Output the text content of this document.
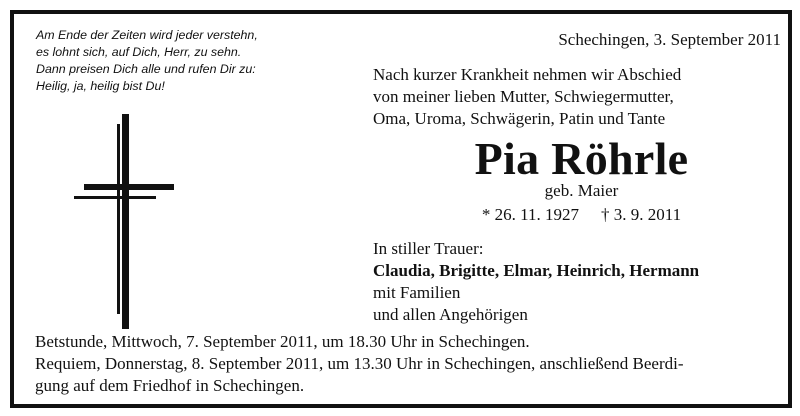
Am Ende der Zeiten wird jeder verstehn,
es lohnt sich, auf Dich, Herr, zu sehn.
Dann preisen Dich alle und rufen Dir zu:
Heilig, ja, heilig bist Du!
Schechingen, 3. September 2011
Nach kurzer Krankheit nehmen wir Abschied
von meiner lieben Mutter, Schwiegermutter,
Oma, Uroma, Schwägerin, Patin und Tante
Pia Röhrle
geb. Maier
* 26. 11. 1927 † 3. 9. 2011
In stiller Trauer:
Claudia, Brigitte, Elmar, Heinrich, Hermann
mit Familien
und allen Angehörigen
Betstunde, Mittwoch, 7. September 2011, um 18.30 Uhr in Schechingen.
Requiem, Donnerstag, 8. September 2011, um 13.30 Uhr in Schechingen, anschließend Beerdi-
gung auf dem Friedhof in Schechingen.
